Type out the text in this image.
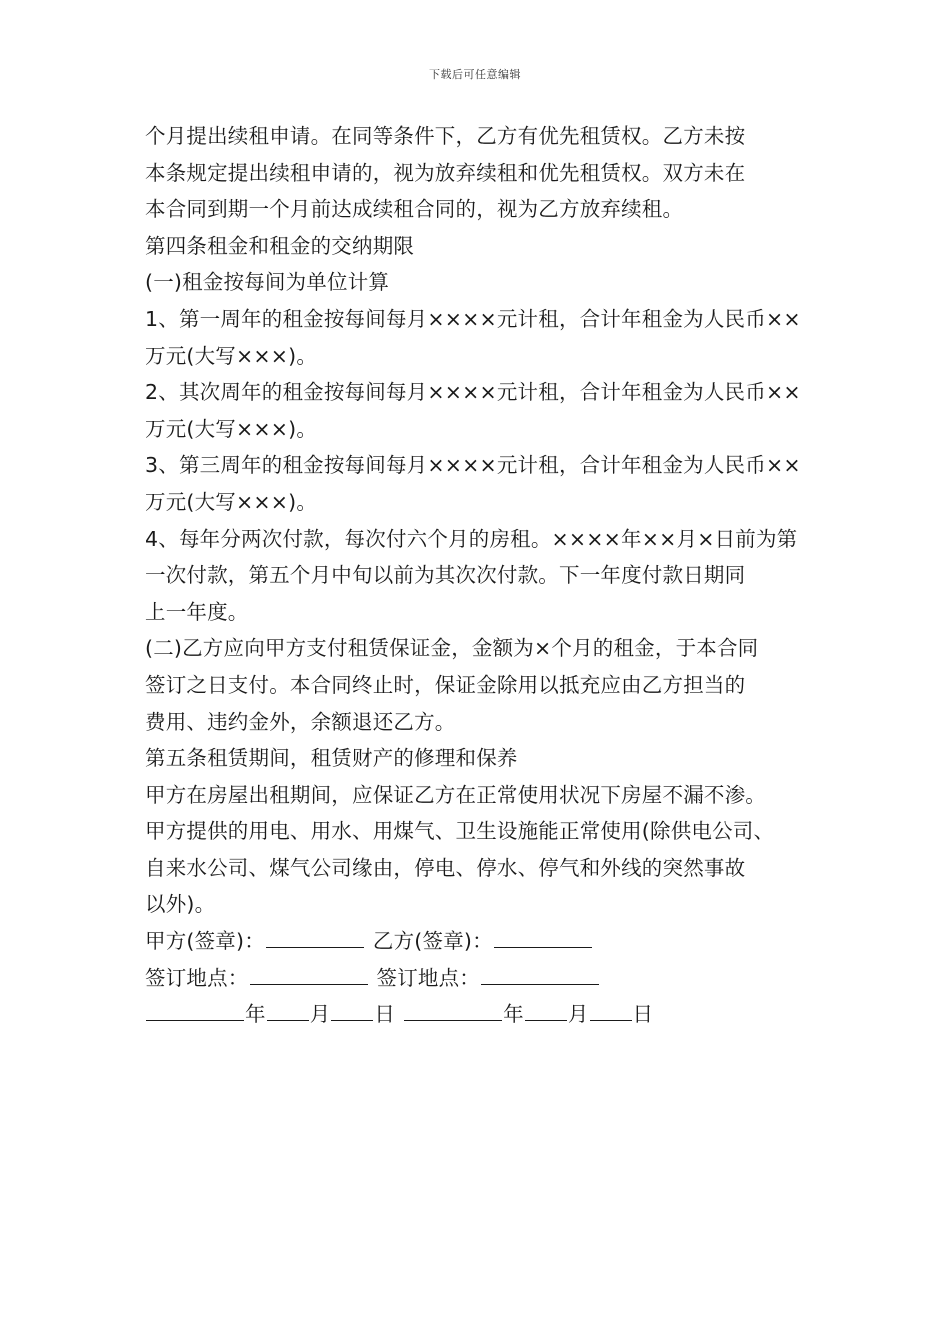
下载后可任意编辑
个月提出续租申请。在同等条件下，乙方有优先租赁权。乙方未按
本条规定提出续租申请的，视为放弃续租和优先租赁权。双方未在
本合同到期一个月前达成续租合同的，视为乙方放弃续租。
第四条租金和租金的交纳期限
(一)租金按每间为单位计算
1、第一周年的租金按每间每月××××元计租，合计年租金为人民币××
万元(大写×××)。
2、其次周年的租金按每间每月××××元计租，合计年租金为人民币××
万元(大写×××)。
3、第三周年的租金按每间每月××××元计租，合计年租金为人民币××
万元(大写×××)。
4、每年分两次付款，每次付六个月的房租。××××年××月×日前为第
一次付款，第五个月中旬以前为其次次付款。下一年度付款日期同
上一年度。
(二)乙方应向甲方支付租赁保证金，金额为×个月的租金，于本合同
签订之日支付。本合同终止时，保证金除用以抵充应由乙方担当的
费用、违约金外，余额退还乙方。
第五条租赁期间，租赁财产的修理和保养
甲方在房屋出租期间，应保证乙方在正常使用状况下房屋不漏不渗。
甲方提供的用电、用水、用煤气、卫生设施能正常使用(除供电公司、
自来水公司、煤气公司缘由，停电、停水、停气和外线的突然事故
以外)。
甲方(签章)：	乙方(签章)：
签订地点：	签订地点：
年 月 日	年 月 日
